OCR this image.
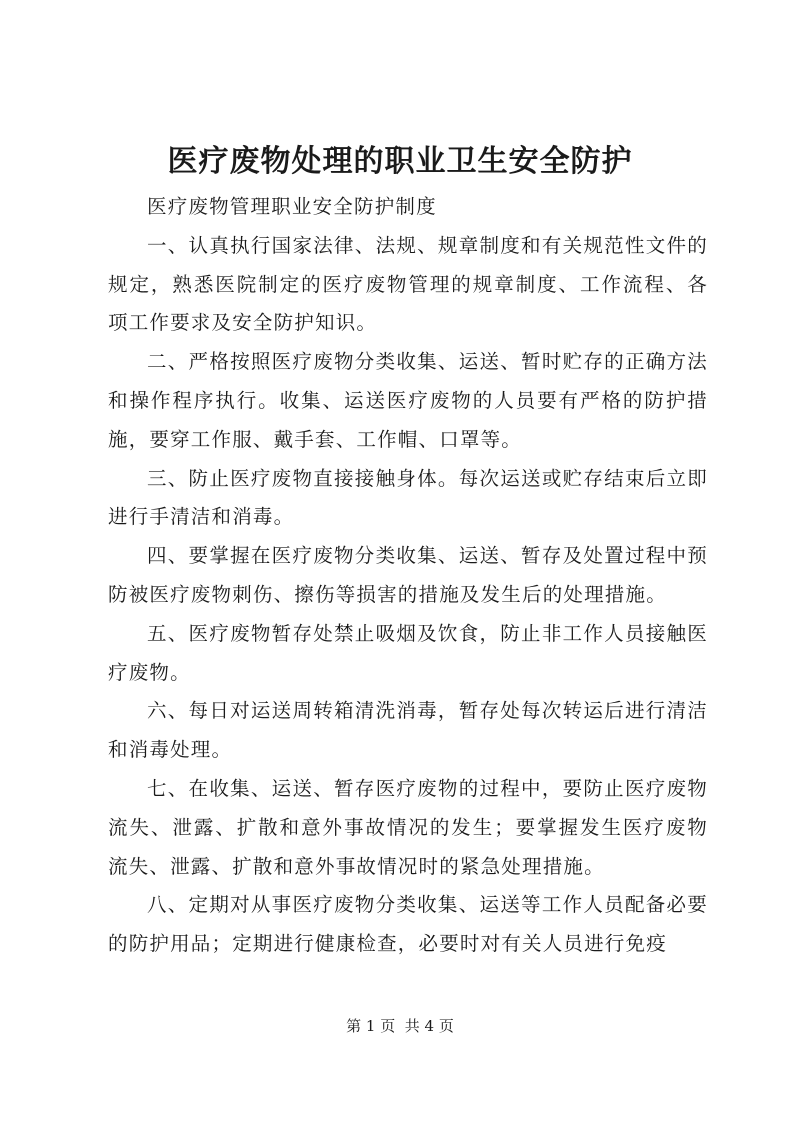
医疗废物处理的职业卫生安全防护

医疗废物管理职业安全防护制度

一、认真执行国家法律、法规、规章制度和有关规范性文件的规定，熟悉医院制定的医疗废物管理的规章制度、工作流程、各项工作要求及安全防护知识。

二、严格按照医疗废物分类收集、运送、暂时贮存的正确方法和操作程序执行。收集、运送医疗废物的人员要有严格的防护措施，要穿工作服、戴手套、工作帽、口罩等。

三、防止医疗废物直接接触身体。每次运送或贮存结束后立即进行手清洁和消毒。

四、要掌握在医疗废物分类收集、运送、暂存及处置过程中预防被医疗废物刺伤、擦伤等损害的措施及发生后的处理措施。

五、医疗废物暂存处禁止吸烟及饮食，防止非工作人员接触医疗废物。

六、每日对运送周转箱清洗消毒，暂存处每次转运后进行清洁和消毒处理。

七、在收集、运送、暂存医疗废物的过程中，要防止医疗废物流失、泄露、扩散和意外事故情况的发生；要掌握发生医疗废物流失、泄露、扩散和意外事故情况时的紧急处理措施。

八、定期对从事医疗废物分类收集、运送等工作人员配备必要的防护用品；定期进行健康检查，必要时对有关人员进行免疫

第 1 页 共 4 页
